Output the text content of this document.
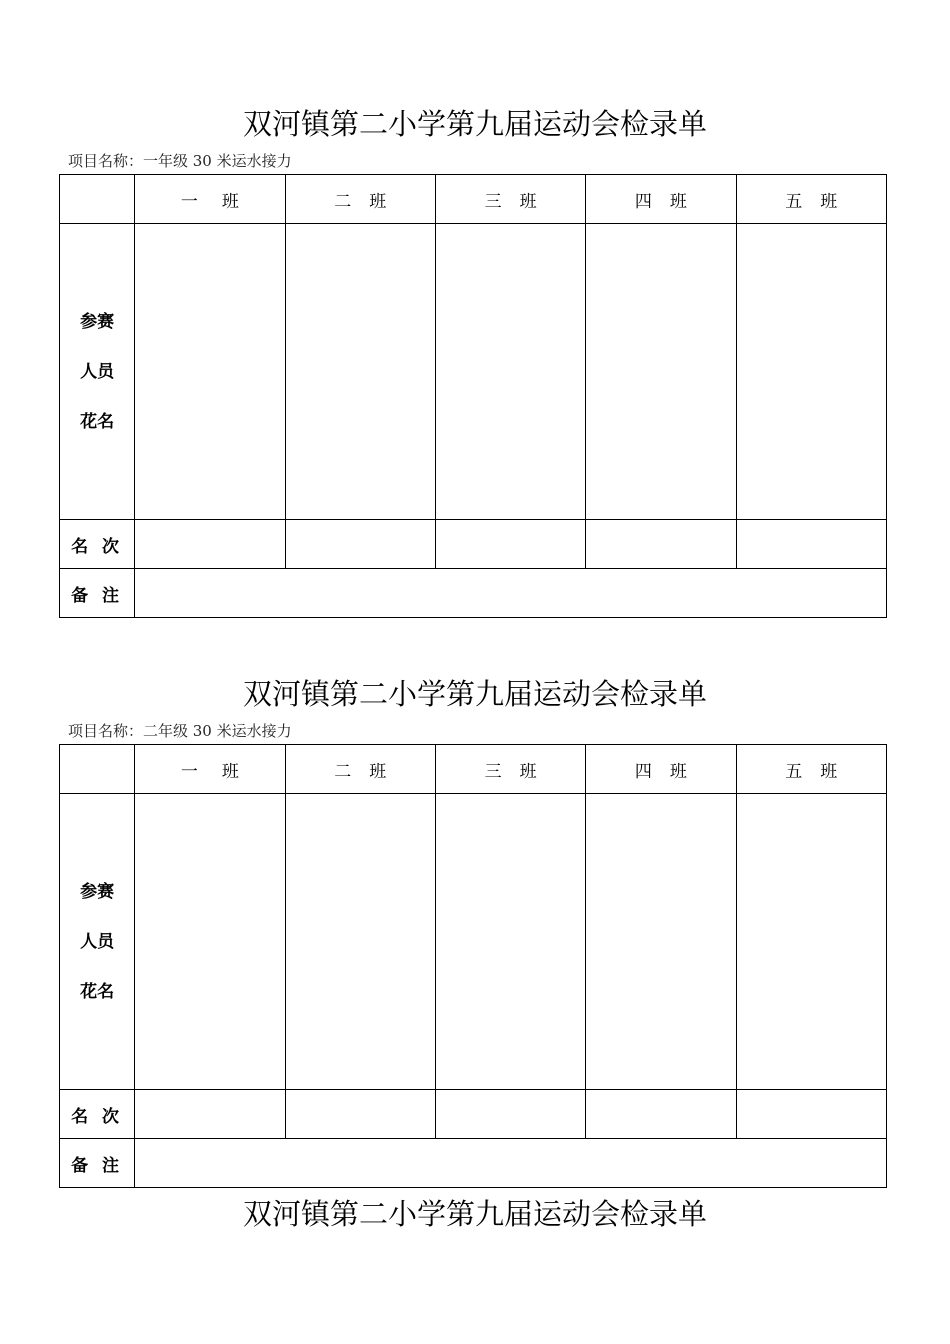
双河镇第二小学第九届运动会检录单
项目名称：一年级 30 米运水接力
	一 班	二 班	三 班	四 班	五 班

参赛
人员
花名					

名 次					
备 注					
双河镇第二小学第九届运动会检录单
项目名称：二年级 30 米运水接力
	一 班	二 班	三 班	四 班	五 班

参赛
人员
花名					

名 次					
备 注					
双河镇第二小学第九届运动会检录单
